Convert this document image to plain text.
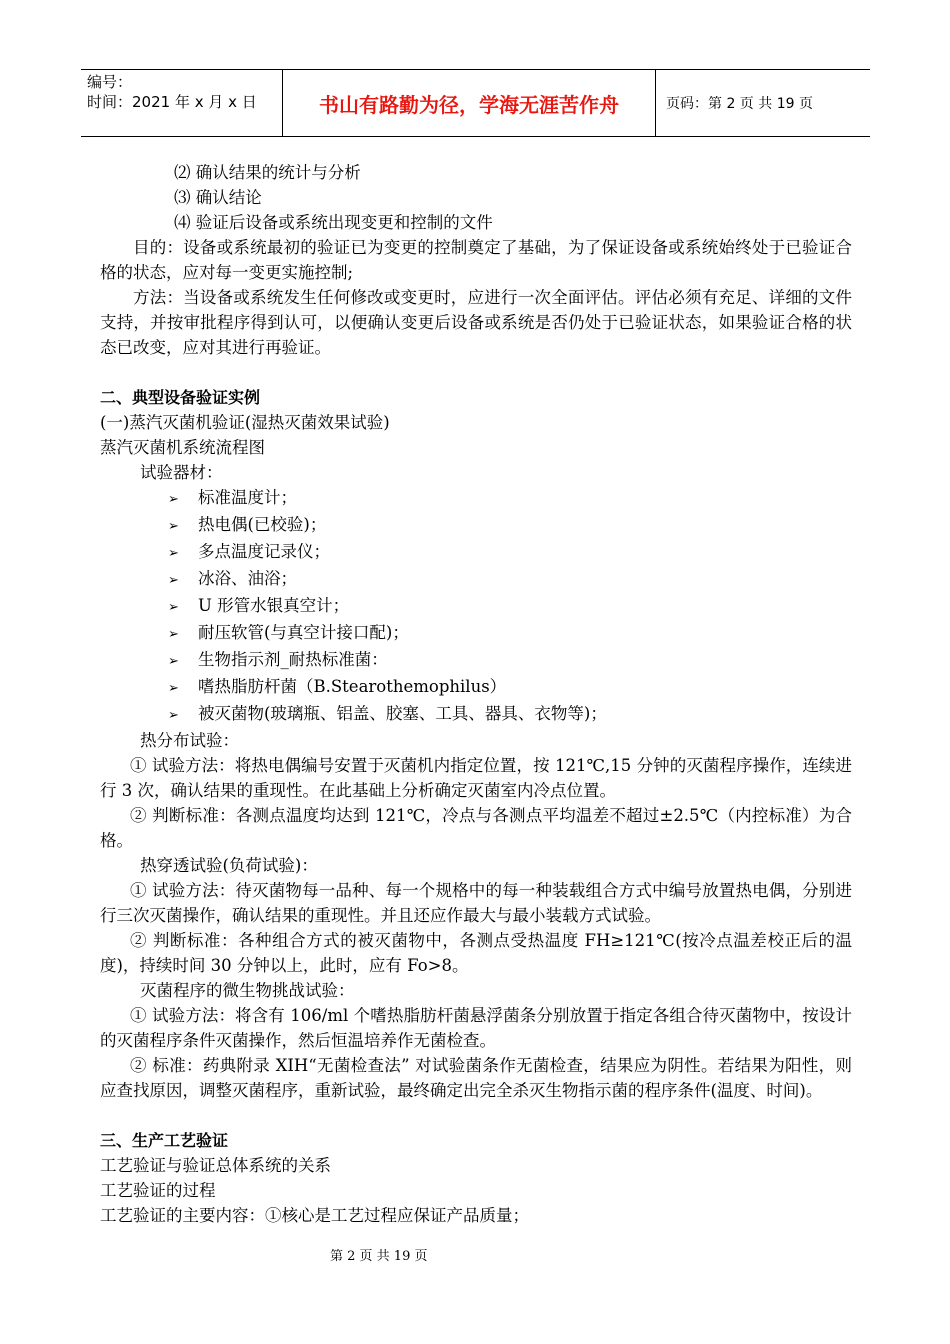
编号：
时间：2021 年 x 月 x 日	书山有路勤为径，学海无涯苦作舟	页码：第 2 页 共 19 页

⑵ 确认结果的统计与分析

⑶ 确认结论

⑷ 验证后设备或系统出现变更和控制的文件

目的：设备或系统最初的验证已为变更的控制奠定了基础，为了保证设备或系统始终处于已验证合格的状态，应对每一变更实施控制;

方法：当设备或系统发生任何修改或变更时，应进行一次全面评估。评估必须有充足、详细的文件支持，并按审批程序得到认可，以便确认变更后设备或系统是否仍处于已验证状态，如果验证合格的状态已改变，应对其进行再验证。

二、典型设备验证实例

(一)蒸汽灭菌机验证(湿热灭菌效果试验)

蒸汽灭菌机系统流程图

试验器材：

➢ 标准温度计；

➢ 热电偶(已校验)；

➢ 多点温度记录仪；

➢ 冰浴、油浴；

➢ U 形管水银真空计；

➢ 耐压软管(与真空计接口配)；

➢ 生物指示剂_耐热标准菌：

➢ 嗜热脂肪杆菌（B.Stearothemophilus）

➢ 被灭菌物(玻璃瓶、铝盖、胶塞、工具、器具、衣物等)；

热分布试验：

① 试验方法：将热电偶编号安置于灭菌机内指定位置，按 121℃,15 分钟的灭菌程序操作，连续进行 3 次，确认结果的重现性。在此基础上分析确定灭菌室内冷点位置。

② 判断标准：各测点温度均达到 121℃，冷点与各测点平均温差不超过±2.5℃（内控标准）为合格。

热穿透试验(负荷试验)：

① 试验方法：待灭菌物每一品种、每一个规格中的每一种装载组合方式中编号放置热电偶，分别进行三次灭菌操作，确认结果的重现性。并且还应作最大与最小装载方式试验。

② 判断标准：各种组合方式的被灭菌物中，各测点受热温度 FH≥121℃(按冷点温差校正后的温度)，持续时间 30 分钟以上，此时，应有 Fo>8。

灭菌程序的微生物挑战试验：

① 试验方法：将含有 106/ml 个嗜热脂肪杆菌悬浮菌条分别放置于指定各组合待灭菌物中，按设计的灭菌程序条件灭菌操作，然后恒温培养作无菌检查。

② 标准：药典附录 XIH“无菌检查法” 对试验菌条作无菌检查，结果应为阴性。若结果为阳性，则应查找原因，调整灭菌程序，重新试验，最终确定出完全杀灭生物指示菌的程序条件(温度、时间)。

三、生产工艺验证

工艺验证与验证总体系统的关系

工艺验证的过程

工艺验证的主要内容：①核心是工艺过程应保证产品质量；

第 2 页 共 19 页
